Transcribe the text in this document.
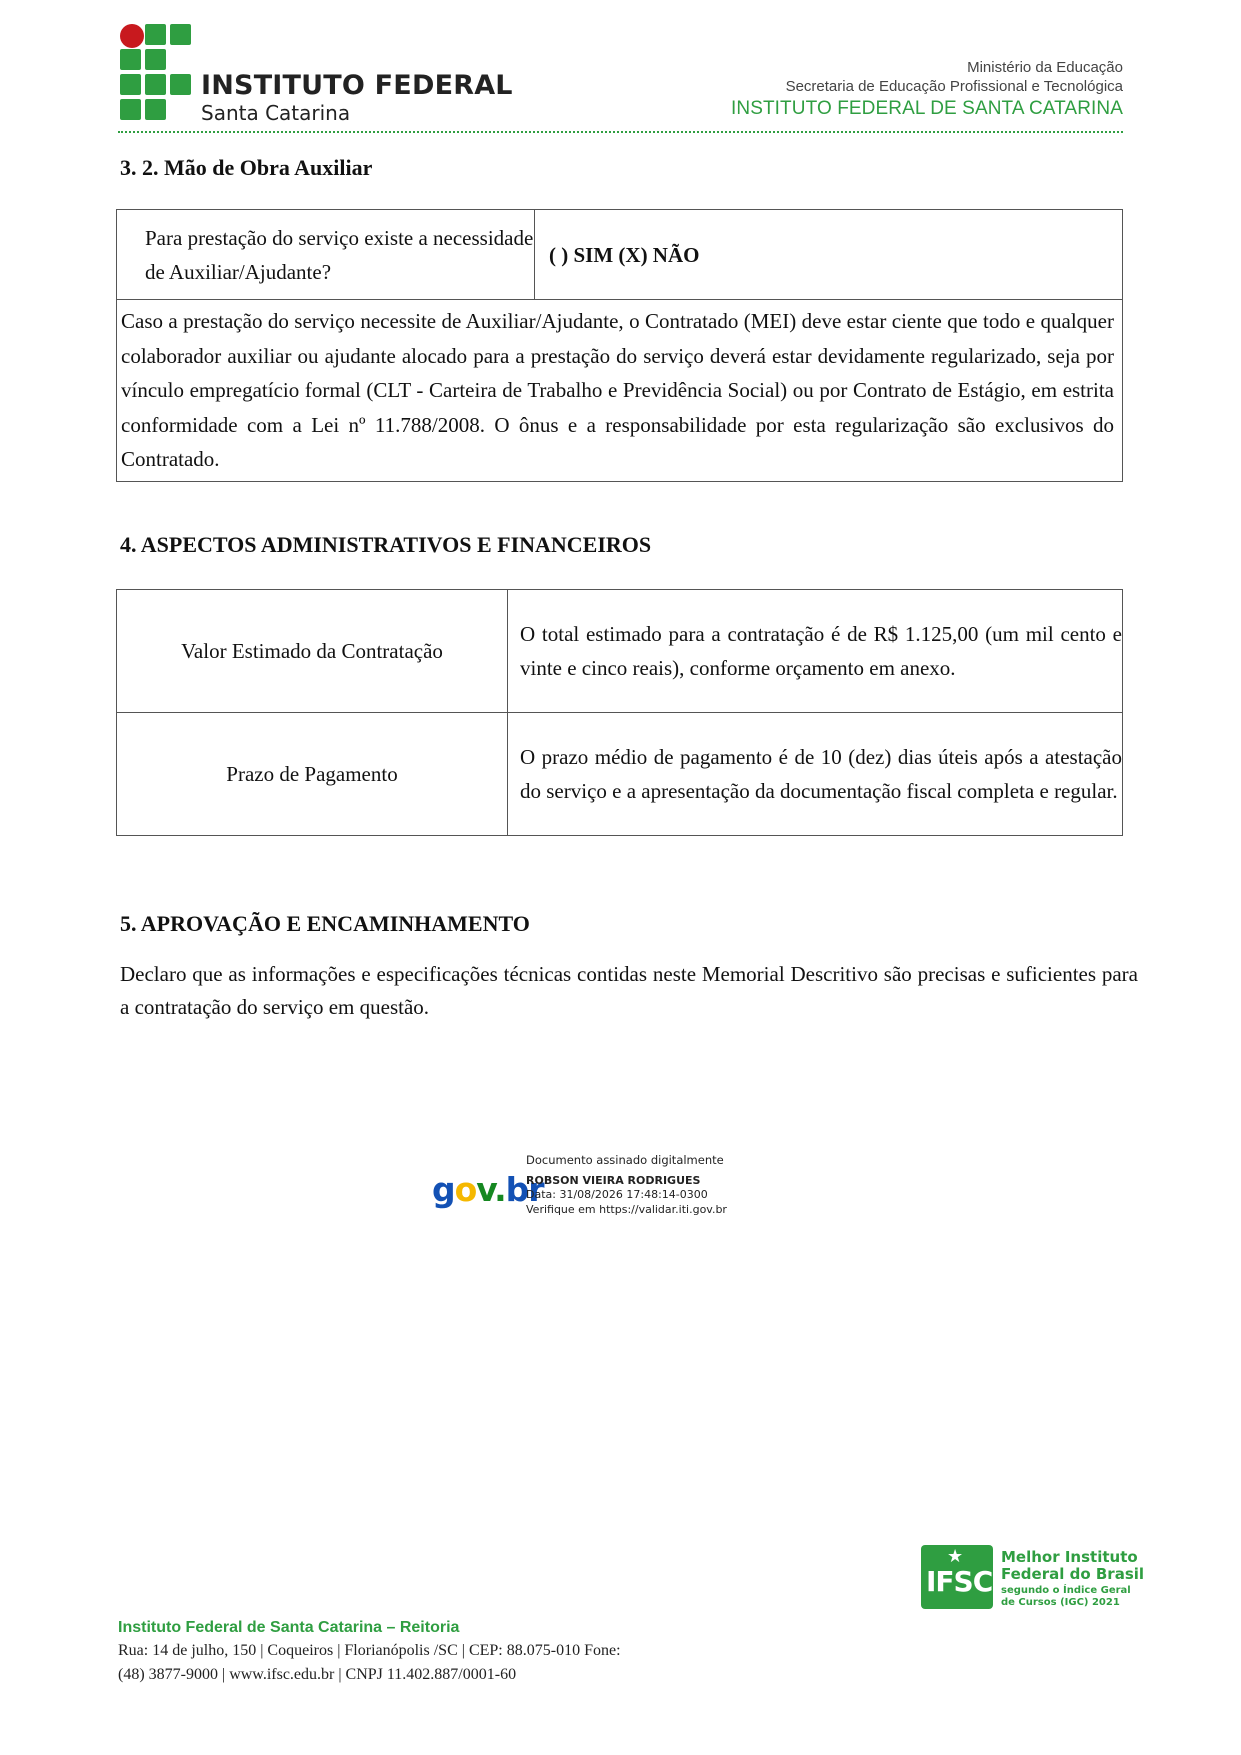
INSTITUTO FEDERAL
Santa Catarina
Ministério da Educação
Secretaria de Educação Profissional e Tecnológica
INSTITUTO FEDERAL DE SANTA CATARINA
3. 2. Mão de Obra Auxiliar
Para prestação do serviço existe a necessidade de Auxiliar/Ajudante?	( ) SIM (X) NÃO
Caso a prestação do serviço necessite de Auxiliar/Ajudante, o Contratado (MEI) deve estar ciente que todo e qualquer colaborador auxiliar ou ajudante alocado para a prestação do serviço deverá estar devidamente regularizado, seja por vínculo empregatício formal (CLT - Carteira de Trabalho e Previdência Social) ou por Contrato de Estágio, em estrita conformidade com a Lei nº 11.788/2008. O ônus e a responsabilidade por esta regularização são exclusivos do Contratado.
4. ASPECTOS ADMINISTRATIVOS E FINANCEIROS
Valor Estimado da Contratação	O total estimado para a contratação é de R$ 1.125,00 (um mil cento e vinte e cinco reais), conforme orçamento em anexo.
Prazo de Pagamento	O prazo médio de pagamento é de 10 (dez) dias úteis após a atestação do serviço e a apresentação da documentação fiscal completa e regular.
5. APROVAÇÃO E ENCAMINHAMENTO

Declaro que as informações e especificações técnicas contidas neste Memorial Descritivo são precisas e suficientes para a contratação do serviço em questão.

gov.br
Documento assinado digitalmente
ROBSON VIEIRA RODRIGUES
Data: 31/08/2026 17:48:14-0300
Verifique em https://validar.iti.gov.br
★
IFSC
Melhor Instituto
Federal do Brasil
segundo o Índice Geral
de Cursos (IGC) 2021
Instituto Federal de Santa Catarina – Reitoria
Rua: 14 de julho, 150 | Coqueiros | Florianópolis /SC | CEP: 88.075-010 Fone:
(48) 3877-9000 | www.ifsc.edu.br | CNPJ 11.402.887/0001-60
